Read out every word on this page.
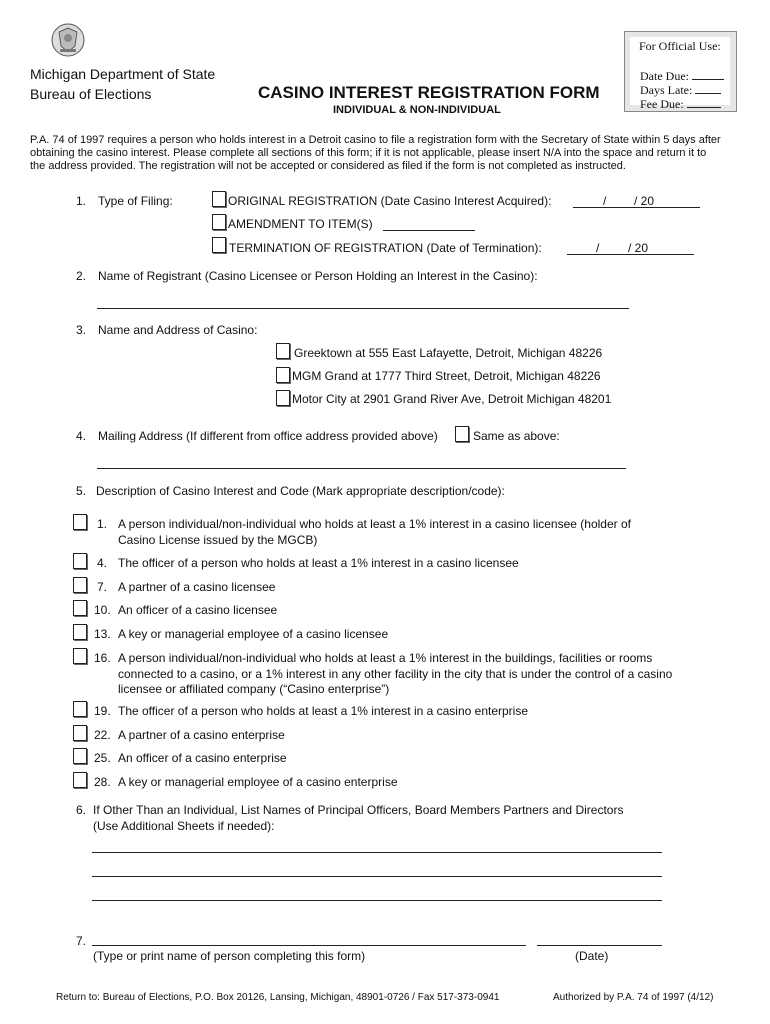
Michigan Department of State
Bureau of Elections	CASINO INTEREST REGISTRATION FORM
INDIVIDUAL & NON-INDIVIDUAL
For Official Use:
Date Due:
Days Late:
Fee Due:
P.A. 74 of 1997 requires a person who holds interest in a Detroit casino to file a registration form with the Secretary of State within 5 days after
obtaining the casino interest. Please complete all sections of this form; if it is not applicable, please insert N/A into the space and return it to
the address provided. The registration will not be accepted or considered as filed if the form is not completed as instructed.
1. Type of Filing:	ORIGINAL REGISTRATION (Date Casino Interest Acquired):	/ / 20
AMENDMENT TO ITEM(S)
TERMINATION OF REGISTRATION (Date of Termination):	/ / 20
2. Name of Registrant (Casino Licensee or Person Holding an Interest in the Casino):
3. Name and Address of Casino:
Greektown at 555 East Lafayette, Detroit, Michigan 48226
MGM Grand at 1777 Third Street, Detroit, Michigan 48226
Motor City at 2901 Grand River Ave, Detroit Michigan 48201
4. Mailing Address (If different from office address provided above)	Same as above:
5. Description of Casino Interest and Code (Mark appropriate description/code):
1. A person individual/non-individual who holds at least a 1% interest in a casino licensee (holder of
Casino License issued by the MGCB)
4. The officer of a person who holds at least a 1% interest in a casino licensee
7. A partner of a casino licensee
10. An officer of a casino licensee
13. A key or managerial employee of a casino licensee
16. A person individual/non-individual who holds at least a 1% interest in the buildings, facilities or rooms
connected to a casino, or a 1% interest in any other facility in the city that is under the control of a casino
licensee or affiliated company (“Casino enterprise”)
19. The officer of a person who holds at least a 1% interest in a casino enterprise
22. A partner of a casino enterprise
25. An officer of a casino enterprise
28. A key or managerial employee of a casino enterprise
6. If Other Than an Individual, List Names of Principal Officers, Board Members Partners and Directors
(Use Additional Sheets if needed):
7.
(Type or print name of person completing this form)	(Date)
Return to: Bureau of Elections, P.O. Box 20126, Lansing, Michigan, 48901-0726 / Fax 517-373-0941	Authorized by P.A. 74 of 1997 (4/12)
